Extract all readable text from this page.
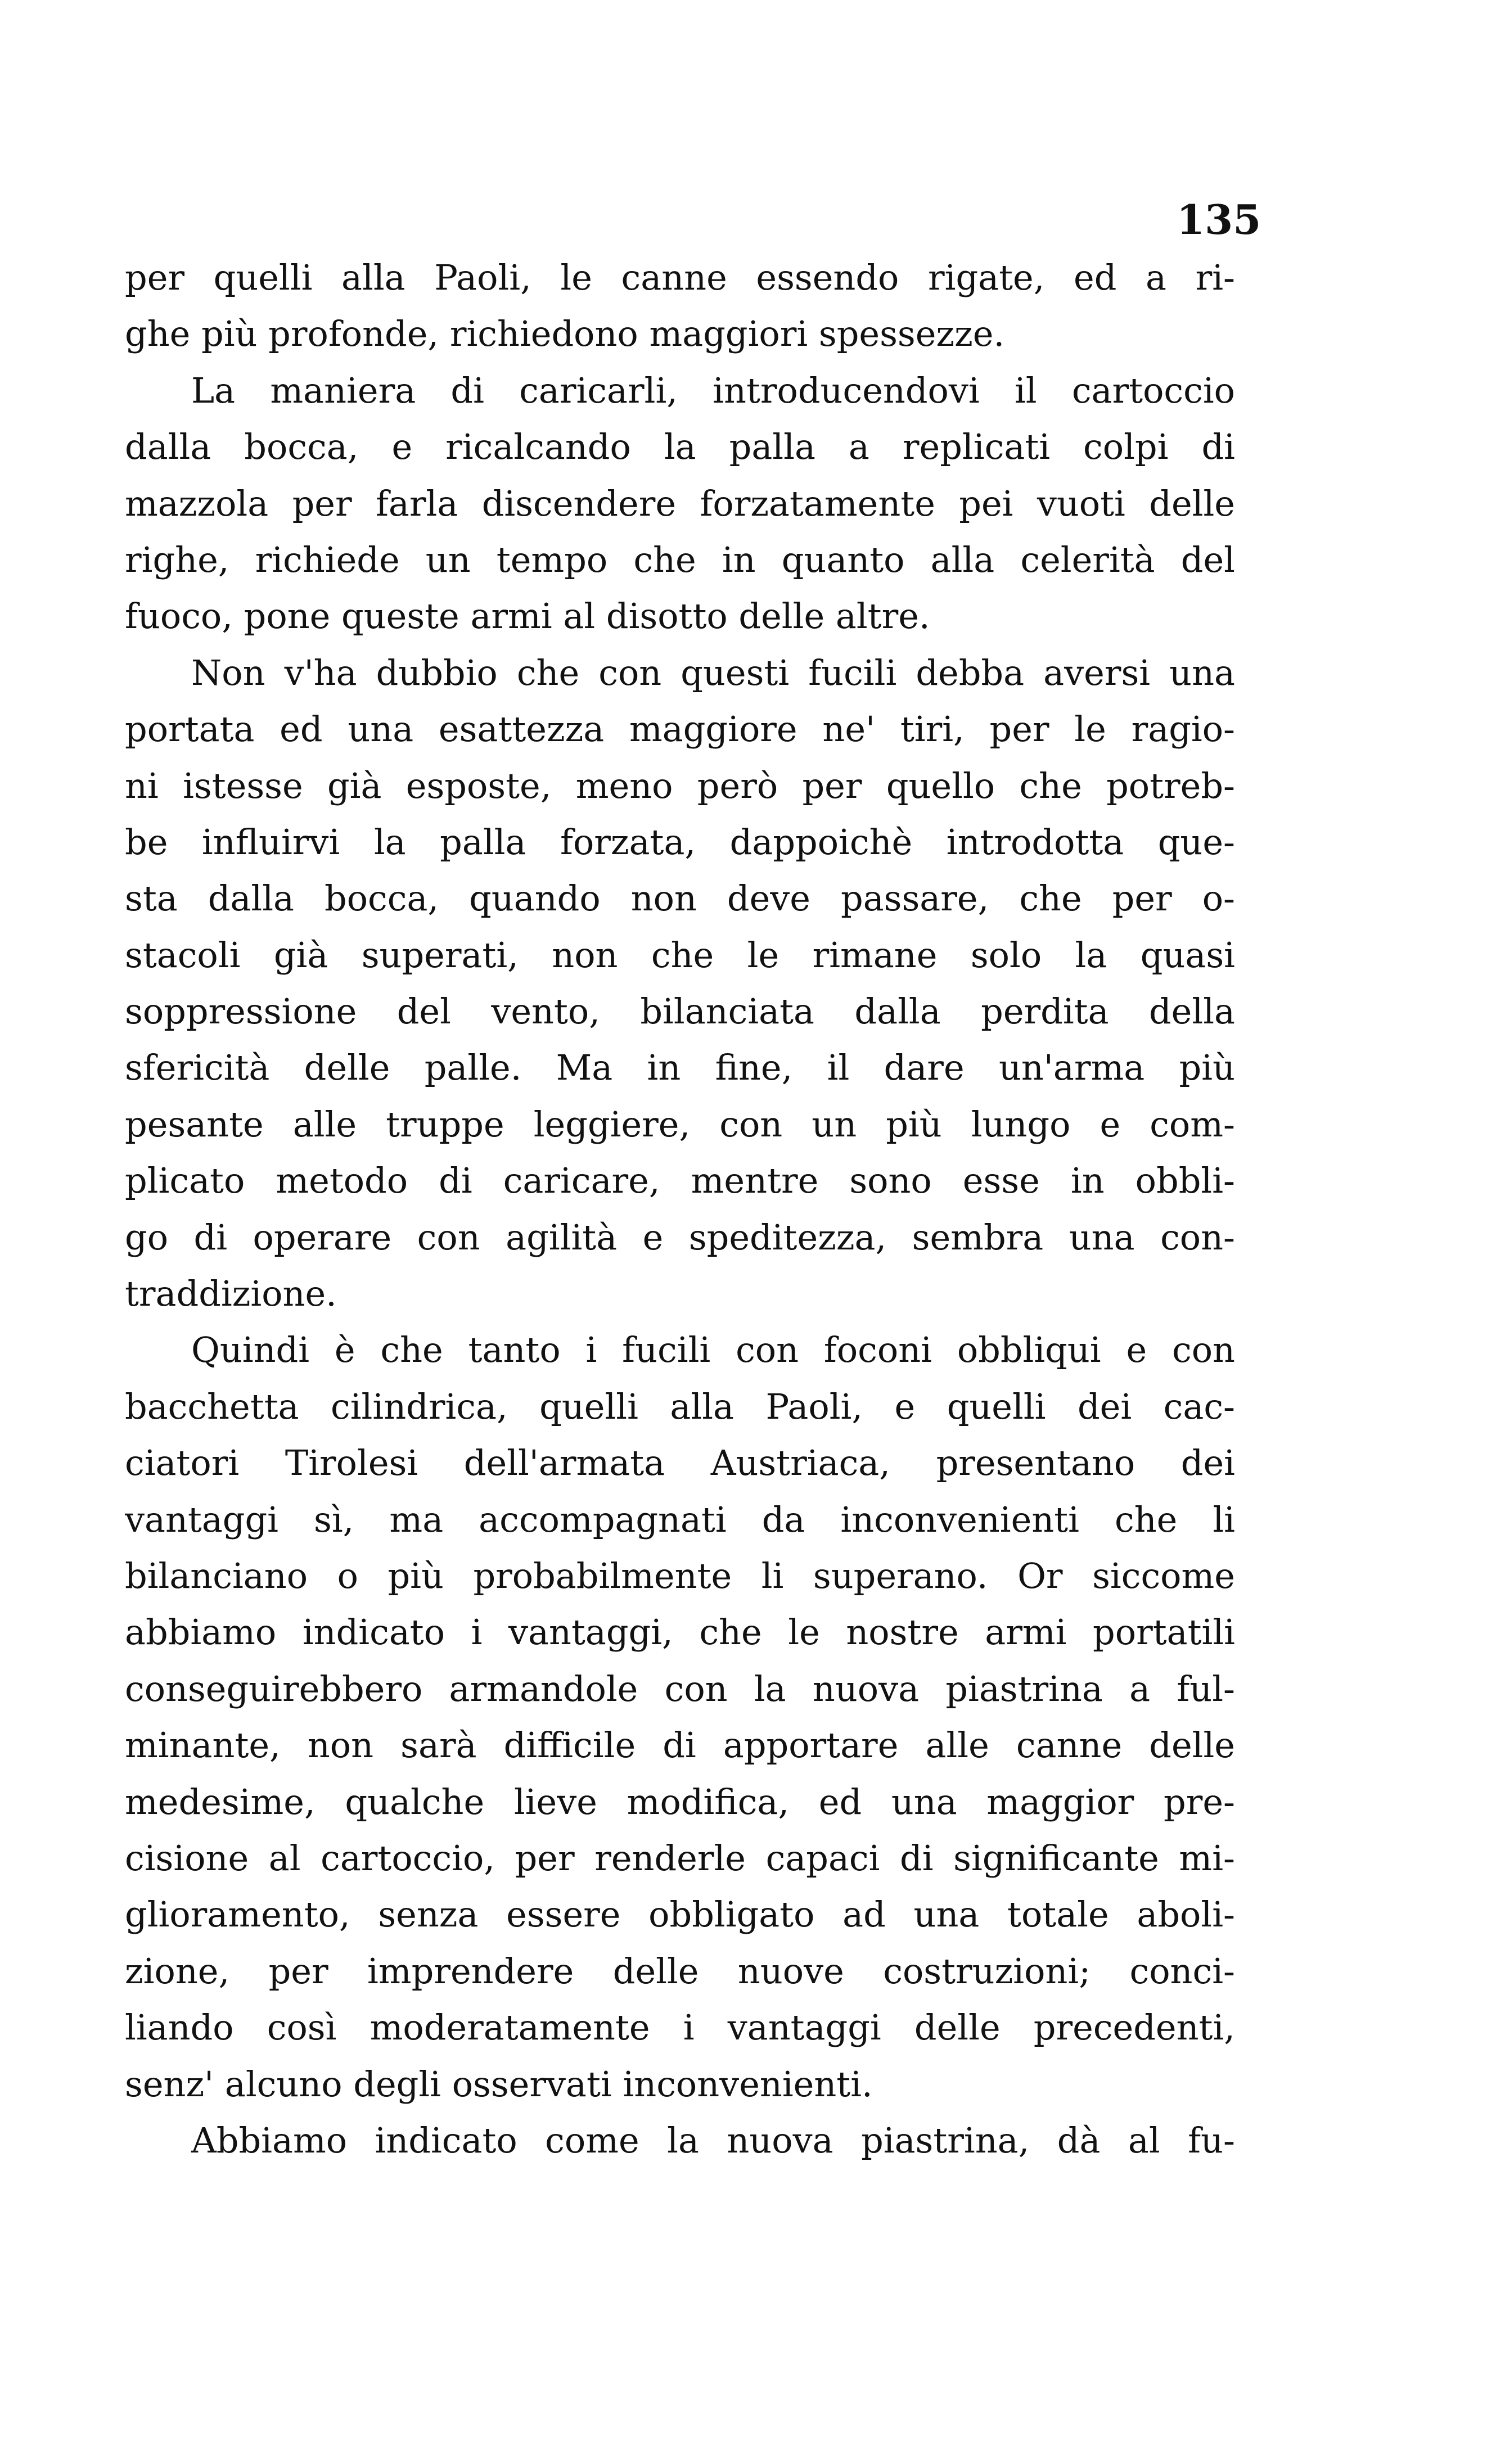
135
per quelli alla Paoli, le canne essendo rigate, ed a ri-
ghe più profonde, richiedono maggiori spessezze.
La maniera di caricarli, introducendovi il cartoccio
dalla bocca, e ricalcando la palla a replicati colpi di
mazzola per farla discendere forzatamente pei vuoti delle
righe, richiede un tempo che in quanto alla celerità del
fuoco, pone queste armi al disotto delle altre.
Non v'ha dubbio che con questi fucili debba aversi una
portata ed una esattezza maggiore ne' tiri, per le ragio-
ni istesse già esposte, meno però per quello che potreb-
be influirvi la palla forzata, dappoichè introdotta que-
sta dalla bocca, quando non deve passare, che per o-
stacoli già superati, non che le rimane solo la quasi
soppressione del vento, bilanciata dalla perdita della
sfericità delle palle. Ma in fine, il dare un'arma più
pesante alle truppe leggiere, con un più lungo e com-
plicato metodo di caricare, mentre sono esse in obbli-
go di operare con agilità e speditezza, sembra una con-
traddizione.
Quindi è che tanto i fucili con foconi obbliqui e con
bacchetta cilindrica, quelli alla Paoli, e quelli dei cac-
ciatori Tirolesi dell'armata Austriaca, presentano dei
vantaggi sì, ma accompagnati da inconvenienti che li
bilanciano o più probabilmente li superano. Or siccome
abbiamo indicato i vantaggi, che le nostre armi portatili
conseguirebbero armandole con la nuova piastrina a ful-
minante, non sarà difficile di apportare alle canne delle
medesime, qualche lieve modifica, ed una maggior pre-
cisione al cartoccio, per renderle capaci di significante mi-
glioramento, senza essere obbligato ad una totale aboli-
zione, per imprendere delle nuove costruzioni; conci-
liando così moderatamente i vantaggi delle precedenti,
senz' alcuno degli osservati inconvenienti.
Abbiamo indicato come la nuova piastrina, dà al fu-
